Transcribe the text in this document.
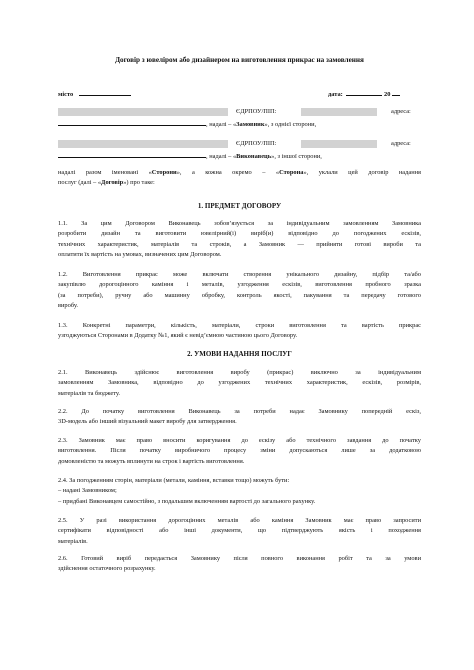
Договір з ювеліром або дизайнером на виготовлення прикрас на замовлення
місто	дата:	20
ЄДРПОУ/ПІП:	адреса:
, надалі – «Замовник», з однієї сторони,
ЄДРПОУ/ПІП:	адреса:
, надалі – «Виконавець», з іншої сторони,
надалі разом іменовані «Сторони», а кожна окремо – «Сторона», уклали цей договір надання
послуг (далі – «Договір») про таке:
1. ПРЕДМЕТ ДОГОВОРУ
1.1. За цим Договором Виконавець зобов’язується за індивідуальним замовленням Замовника
розробити дизайн та виготовити ювелірний(і) виріб(и) відповідно до погоджених ескізів,
технічних характеристик, матеріалів та строків, а Замовник — прийняти готові вироби та
оплатити їх вартість на умовах, визначених цим Договором.
1.2. Виготовлення прикрас може включати створення унікального дизайну, підбір та/або
закупівлю дорогоцінного каміння і металів, узгодження ескізів, виготовлення пробного зразка
(за потреби), ручну або машинну обробку, контроль якості, пакування та передачу готового
виробу.
1.3. Конкретні параметри, кількість, матеріали, строки виготовлення та вартість прикрас
узгоджуються Сторонами в Додатку №1, який є невід’ємною частиною цього Договору.
2. УМОВИ НАДАННЯ ПОСЛУГ
2.1. Виконавець здійснює виготовлення виробу (прикрас) виключно за індивідуальним
замовленням Замовника, відповідно до узгоджених технічних характеристик, ескізів, розмірів,
матеріалів та бюджету.
2.2. До початку виготовлення Виконавець за потреби надає Замовнику попередній ескіз,
3D-модель або інший візуальний макет виробу для затвердження.
2.3. Замовник має право вносити коригування до ескізу або технічного завдання до початку
виготовлення. Після початку виробничого процесу зміни допускаються лише за додатковою
домовленістю та можуть вплинути на строк і вартість виготовлення.
2.4. За погодженням сторін, матеріали (метали, каміння, вставки тощо) можуть бути:
– надані Замовником;
– придбані Виконавцем самостійно, з подальшим включенням вартості до загального рахунку.
2.5. У разі використання дорогоцінних металів або каміння Замовник має право запросити
сертифікати відповідності або інші документи, що підтверджують якість і походження
матеріалів.
2.6. Готовий виріб передається Замовнику після повного виконання робіт та за умови
здійснення остаточного розрахунку.
